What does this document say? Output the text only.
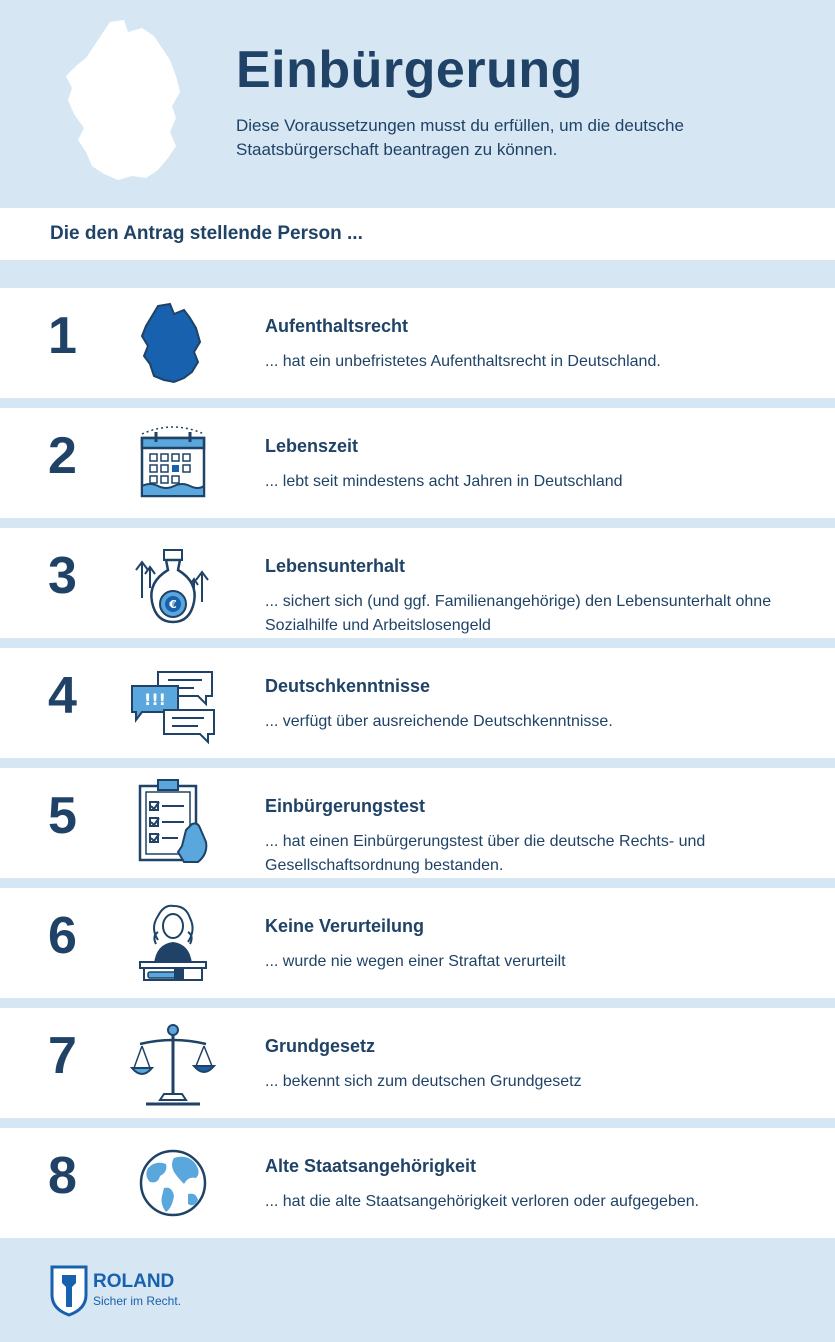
Einbürgerung

Diese Voraussetzungen musst du erfüllen, um die deutsche Staatsbürgerschaft beantragen zu können.

Die den Antrag stellende Person ...
1	Aufenthaltsrecht
... hat ein unbefristetes Aufenthaltsrecht in Deutschland.
2	Lebenszeit
... lebt seit mindestens acht Jahren in Deutschland
3	€
Lebensunterhalt
... sichert sich (und ggf. Familienangehörige) den Lebensunterhalt ohne Sozialhilfe und Arbeitslosengeld
4	!!!
Deutschkenntnisse
... verfügt über ausreichende Deutschkenntnisse.
5	Einbürgerungstest
... hat einen Einbürgerungstest über die deutsche Rechts- und Gesellschaftsordnung bestanden.
6	Keine Verurteilung
... wurde nie wegen einer Straftat verurteilt
7	Grundgesetz
... bekennt sich zum deutschen Grundgesetz
8	Alte Staatsangehörigkeit
... hat die alte Staatsangehörigkeit verloren oder aufgegeben.
ROLAND
Sicher im Recht.
